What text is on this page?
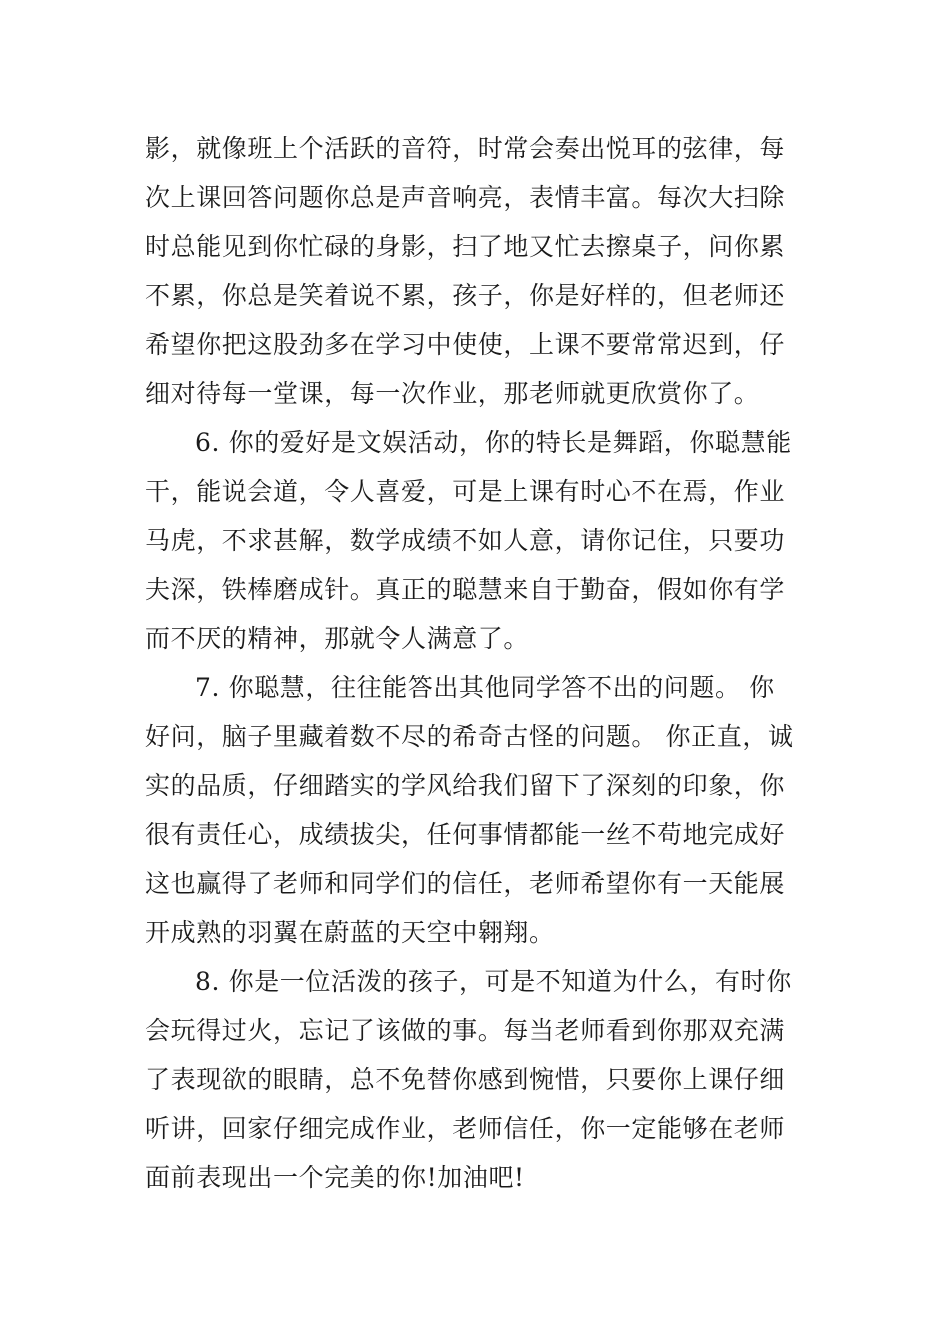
影，就像班上个活跃的音符，时常会奏出悦耳的弦律，每
次上课回答问题你总是声音响亮，表情丰富。每次大扫除
时总能见到你忙碌的身影，扫了地又忙去擦桌子，问你累
不累，你总是笑着说不累，孩子，你是好样的，但老师还
希望你把这股劲多在学习中使使，上课不要常常迟到，仔
细对待每一堂课，每一次作业，那老师就更欣赏你了。
6. 你的爱好是文娱活动，你的特长是舞蹈，你聪慧能
干，能说会道，令人喜爱，可是上课有时心不在焉，作业
马虎，不求甚解，数学成绩不如人意，请你记住，只要功
夫深，铁棒磨成针。真正的聪慧来自于勤奋，假如你有学
而不厌的精神，那就令人满意了。
7. 你聪慧，往往能答出其他同学答不出的问题。 你
好问，脑子里藏着数不尽的希奇古怪的问题。 你正直，诚
实的品质，仔细踏实的学风给我们留下了深刻的印象，你
很有责任心，成绩拔尖，任何事情都能一丝不苟地完成好
这也赢得了老师和同学们的信任，老师希望你有一天能展
开成熟的羽翼在蔚蓝的天空中翱翔。
8. 你是一位活泼的孩子，可是不知道为什么，有时你
会玩得过火，忘记了该做的事。每当老师看到你那双充满
了表现欲的眼睛，总不免替你感到惋惜，只要你上课仔细
听讲，回家仔细完成作业，老师信任，你一定能够在老师
面前表现出一个完美的你!加油吧!
